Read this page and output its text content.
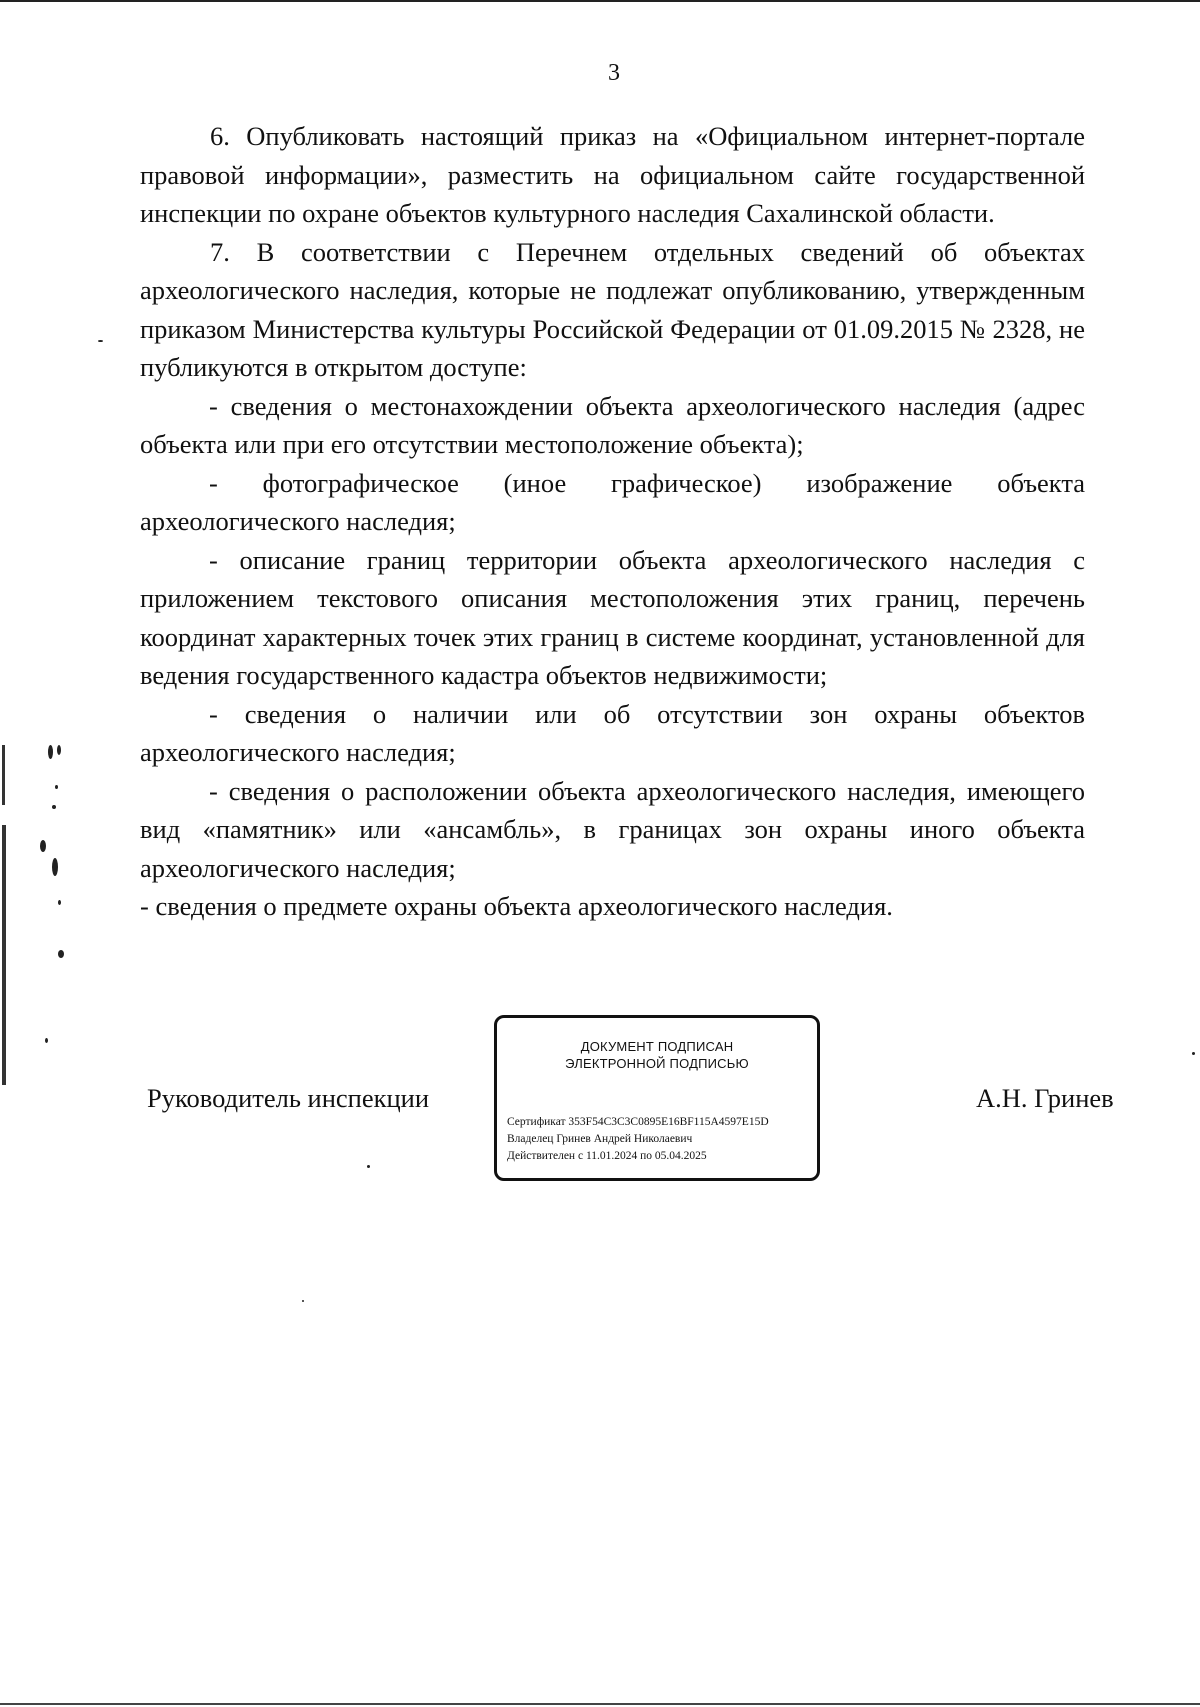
3

6. Опубликовать настоящий приказ на «Официальном интернет-портале правовой информации», разместить на официальном сайте государственной инспекции по охране объектов культурного наследия Сахалинской области.

7. В соответствии с Перечнем отдельных сведений об объектах археологического наследия, которые не подлежат опубликованию, утвержденным приказом Министерства культуры Российской Федерации от 01.09.2015 № 2328, не публикуются в открытом доступе:

- сведения о местонахождении объекта археологического наследия (адрес объекта или при его отсутствии местоположение объекта);

- фотографическое (иное графическое) изображение объекта археологического наследия;

- описание границ территории объекта археологического наследия с приложением текстового описания местоположения этих границ, перечень координат характерных точек этих границ в системе координат, установленной для ведения государственного кадастра объектов недвижимости;

- сведения о наличии или об отсутствии зон охраны объектов археологического наследия;

- сведения о расположении объекта археологического наследия, имеющего вид «памятник» или «ансамбль», в границах зон охраны иного объекта археологического наследия;

- сведения о предмете охраны объекта археологического наследия.

Руководитель инспекции
ДОКУМЕНТ ПОДПИСАН
ЭЛЕКТРОННОЙ ПОДПИСЬЮ
Сертификат 353F54C3C3C0895E16BF115A4597E15D
Владелец Гринев Андрей Николаевич
Действителен с 11.01.2024 по 05.04.2025
А.Н. Гринев
